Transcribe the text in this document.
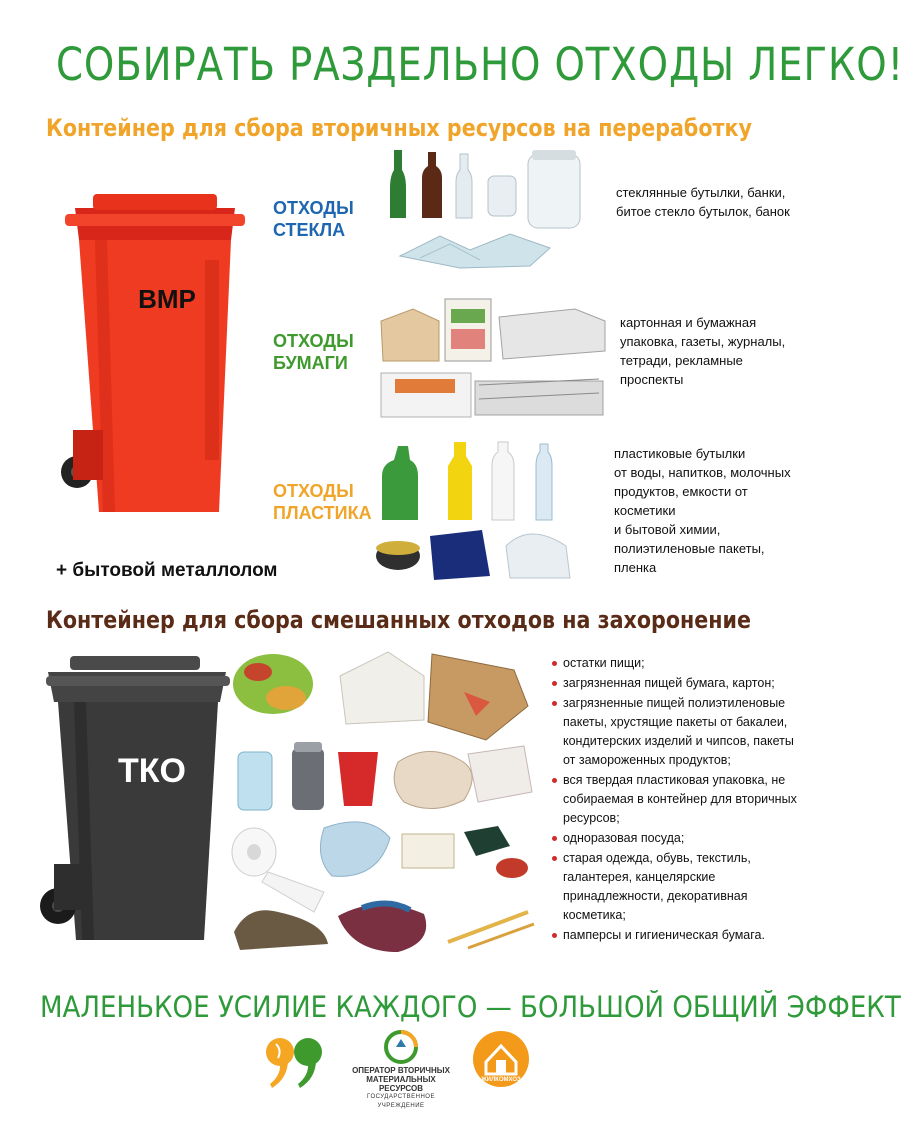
СОБИРАТЬ РАЗДЕЛЬНО ОТХОДЫ ЛЕГКО!
Контейнер для сбора вторичных ресурсов на переработку
ВМР
ОТХОДЫ
СТЕКЛА
ОТХОДЫ
БУМАГИ
ОТХОДЫ
ПЛАСТИКА
стеклянные бутылки, банки,
битое стекло бутылок, банок
картонная и бумажная
упаковка, газеты, журналы,
тетради, рекламные
проспекты
пластиковые бутылки
от воды, напитков, молочных
продуктов, емкости от
косметики
и бытовой химии,
полиэтиленовые пакеты,
пленка
+ бытовой металлолом
Контейнер для сбора смешанных отходов на захоронение
ТКО
остатки пищи;
загрязненная пищей бумага, картон;
загрязненные пищей полиэтиленовые пакеты, хрустящие пакеты от бакалеи, кондитерских изделий и чипсов, пакеты от замороженных продуктов;
вся твердая пластиковая упаковка, не собираемая в контейнер для вторичных ресурсов;
одноразовая посуда;
старая одежда, обувь, текстиль, галантерея, канцелярские принадлежности, декоративная косметика;
памперсы и гигиеническая бумага.
МАЛЕНЬКОЕ УСИЛИЕ КАЖДОГО — БОЛЬШОЙ ОБЩИЙ ЭФФЕКТ
ОПЕРАТОР ВТОРИЧНЫХ
МАТЕРИАЛЬНЫХ РЕСУРСОВ
ГОСУДАРСТВЕННОЕ УЧРЕЖДЕНИЕ
ЖИЛКОМХОЗ
